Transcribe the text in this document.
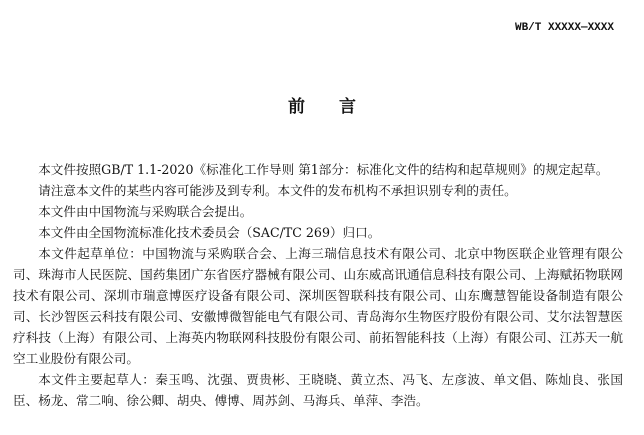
WB/T XXXXX—XXXX
前 言

本文件按照GB/T 1.1-2020《标准化工作导则 第1部分：标准化文件的结构和起草规则》的规定起草。

请注意本文件的某些内容可能涉及到专利。本文件的发布机构不承担识别专利的责任。

本文件由中国物流与采购联合会提出。

本文件由全国物流标准化技术委员会（SAC/TC 269）归口。

本文件起草单位：中国物流与采购联合会、上海三瑞信息技术有限公司、北京中物医联企业管理有限公司、珠海市人民医院、国药集团广东省医疗器械有限公司、山东威高讯通信息科技有限公司、上海赋拓物联网技术有限公司、深圳市瑞意博医疗设备有限公司、深圳医智联科技有限公司、山东鹰慧智能设备制造有限公司、长沙智医云科技有限公司、安徽博微智能电气有限公司、青岛海尔生物医疗股份有限公司、艾尔法智慧医疗科技（上海）有限公司、上海英内物联网科技股份有限公司、前拓智能科技（上海）有限公司、江苏天一航空工业股份有限公司。

本文件主要起草人：秦玉鸣、沈强、贾贵彬、王晓晓、黄立杰、冯飞、左彦波、单文倡、陈灿良、张国臣、杨龙、常二响、徐公卿、胡央、傅博、周苏剑、马海兵、单萍、李浩。
